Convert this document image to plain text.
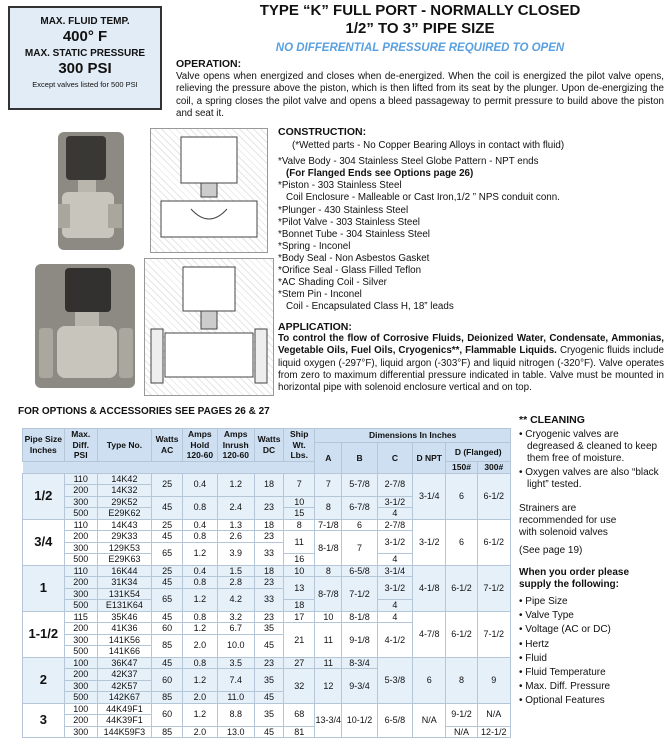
MAX. FLUID TEMP.
400° F
MAX. STATIC PRESSURE
300 PSI
Except valves listed for 500 PSI
TYPE “K” FULL PORT - NORMALLY CLOSED
1/2” TO 3” PIPE SIZE
NO DIFFERENTIAL PRESSURE REQUIRED TO OPEN
OPERATION:
Valve opens when energized and closes when de-energized. When the coil is energized the pilot valve opens, relieving the pressure above the piston, which is then lifted from its seat by the plunger. Upon de-energizing the coil, a spring closes the pilot valve and opens a bleed passageway to permit pressure to build above the piston and seat it.
CONSTRUCTION:
(*Wetted parts - No Copper Bearing Alloys in contact with fluid)
*Valve Body - 304 Stainless Steel Globe Pattern - NPT ends
(For Flanged Ends see Options page 26)
*Piston - 303 Stainless Steel
Coil Enclosure - Malleable or Cast Iron,1/2 ” NPS conduit conn.
*Plunger - 430 Stainless Steel
*Pilot Valve - 303 Stainless Steel
*Bonnet Tube - 304 Stainless Steel
*Spring - Inconel
*Body Seal - Non Asbestos Gasket
*Orifice Seal - Glass Filled Teflon
*AC Shading Coil - Silver
*Stem Pin - Inconel
Coil - Encapsulated Class H, 18” leads
APPLICATION:
To control the flow of Corrosive Fluids, Deionized Water, Condensate, Ammonias, Vegetable Oils, Fuel Oils, Cryogenics**, Flammable Liquids. Cryogenic fluids include liquid oxygen (-297°F), liquid argon (-303°F) and liquid nitrogen (-320°F). Valve operates from zero to maximum differential pressure indicated in table. Valve must be mounted in horizontal pipe with solenoid enclosure vertical and on top.
FOR OPTIONS & ACCESSORIES SEE PAGES 26 & 27
Pipe Size Inches	Max. Diff. PSI	Type No.	Watts AC	Amps Hold 120-60	Amps Inrush 120-60	Watts DC	Ship Wt. Lbs.	Dimensions In Inches					
								A	B	C	D NPT	D (Flanged)	
												150#	300#
1/2	110	14K42	25	0.4	1.2	18	7	7	5-7/8	2-7/8	3-1/4	6	6-1/2
	200	14K32											
	300	29K52	45	0.8	2.4	23	10	8	6-7/8	3-1/2			
	500	E29K62					15			4			
3/4	110	14K43	25	0.4	1.3	18	8	7-1/8	6	2-7/8	3-1/2	6	6-1/2
	200	29K33	45	0.8	2.6	23	11	8-1/8	7	3-1/2			
	300	129K53	65	1.2	3.9	33							
	500	E29K63					16			4			
1	110	16K44	25	0.4	1.5	18	10	8	6-5/8	3-1/4	4-1/8	6-1/2	7-1/2
	200	31K34	45	0.8	2.8	23	13	8-7/8	7-1/2	3-1/2			
	300	131K54	65	1.2	4.2	33							
	500	E131K64					18			4			
1-1/2	115	35K46	45	0.8	3.2	23	17	10	8-1/8	4	4-7/8	6-1/2	7-1/2
	200	41K36	60	1.2	6.7	35	21	11	9-1/8	4-1/2			
	300	141K56	85	2.0	10.0	45							
	500	141K66											
2	100	36K47	45	0.8	3.5	23	27	11	8-3/4	5-3/8	6	8	9
	200	42K37	60	1.2	7.4	35	32	12	9-3/4				
	300	42K57											
	500	142K67	85	2.0	11.0	45							
3	100	44K49F1	60	1.2	8.8	35	68	13-3/4	10-1/2	6-5/8	N/A	9-1/2	N/A
	200	44K39F1											
	300	144K59F3	85	2.0	13.0	45	81					N/A	12-1/2
** CLEANING
• Cryogenic valves are degreased & cleaned to keep them free of moisture.
• Oxygen valves are also “black light” tested.
Strainers are recommended for use with solenoid valves
(See page 19)
When you order please supply the following:
• Pipe Size
• Valve Type
• Voltage (AC or DC)
• Hertz
• Fluid
• Fluid Temperature
• Max. Diff. Pressure
• Optional Features
